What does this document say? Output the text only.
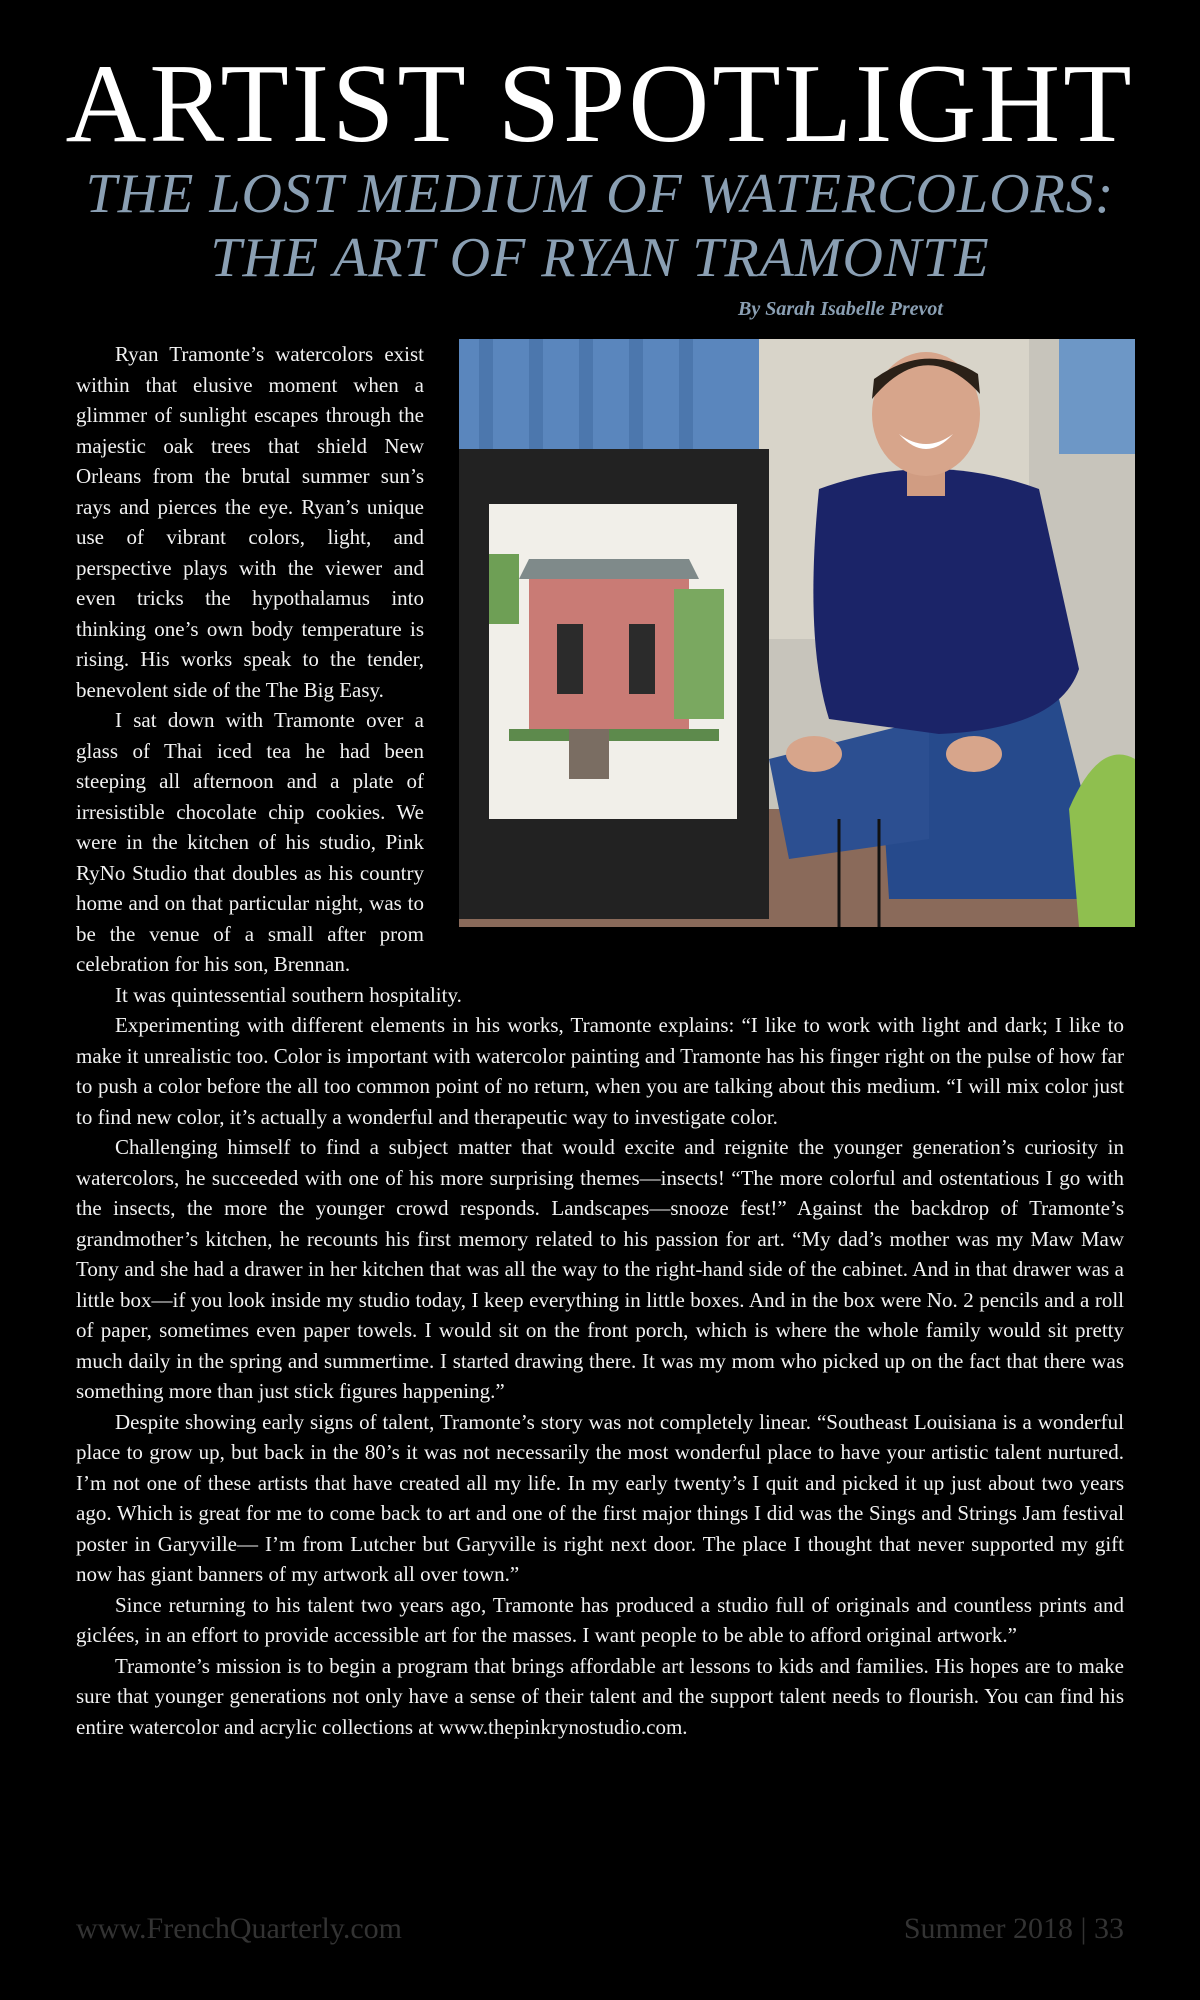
ARTIST SPOTLIGHT
THE LOST MEDIUM OF WATERCOLORS:
THE ART OF RYAN TRAMONTE
By Sarah Isabelle Prevot

Ryan Tramonte’s watercolors exist within that elusive moment when a glimmer of sunlight escapes through the majestic oak trees that shield New Orleans from the brutal summer sun’s rays and pierces the eye. Ryan’s unique use of vibrant colors, light, and perspective plays with the viewer and even tricks the hypothalamus into thinking one’s own body temperature is rising. His works speak to the tender, benevolent side of the The Big Easy.

I sat down with Tramonte over a glass of Thai iced tea he had been steeping all afternoon and a plate of irresistible chocolate chip cookies. We were in the kitchen of his studio, Pink RyNo Studio that doubles as his country home and on that particular night, was to be the venue of a small after prom celebration for his son, Brennan.

It was quintessential southern hospitality.

Experimenting with different elements in his works, Tramonte explains: “I like to work with light and dark; I like to make it unrealistic too. Color is important with watercolor painting and Tramonte has his finger right on the pulse of how far to push a color before the all too common point of no return, when you are talking about this medium. “I will mix color just to find new color, it’s actually a wonderful and therapeutic way to investigate color.

Challenging himself to find a subject matter that would excite and reignite the younger generation’s curiosity in watercolors, he succeeded with one of his more surprising themes—insects! “The more colorful and ostentatious I go with the insects, the more the younger crowd responds. Landscapes—snooze fest!” Against the backdrop of Tramonte’s grandmother’s kitchen, he recounts his first memory related to his passion for art. “My dad’s mother was my Maw Maw Tony and she had a drawer in her kitchen that was all the way to the right-hand side of the cabinet. And in that drawer was a little box—if you look inside my studio today, I keep everything in little boxes. And in the box were No. 2 pencils and a roll of paper, sometimes even paper towels. I would sit on the front porch, which is where the whole family would sit pretty much daily in the spring and summertime. I started drawing there. It was my mom who picked up on the fact that there was something more than just stick figures happening.”

Despite showing early signs of talent, Tramonte’s story was not completely linear. “Southeast Louisiana is a wonderful place to grow up, but back in the 80’s it was not necessarily the most wonderful place to have your artistic talent nurtured. I’m not one of these artists that have created all my life. In my early twenty’s I quit and picked it up just about two years ago. Which is great for me to come back to art and one of the first major things I did was the Sings and Strings Jam festival poster in Garyville— I’m from Lutcher but Garyville is right next door. The place I thought that never supported my gift now has giant banners of my artwork all over town.”

Since returning to his talent two years ago, Tramonte has produced a studio full of originals and countless prints and giclées, in an effort to provide accessible art for the masses. I want people to be able to afford original artwork.”

Tramonte’s mission is to begin a program that brings affordable art lessons to kids and families. His hopes are to make sure that younger generations not only have a sense of their talent and the support talent needs to flourish. You can find his entire watercolor and acrylic collections at www.thepinkrynostudio.com.

www.FrenchQuarterly.com	Summer 2018 | 33
